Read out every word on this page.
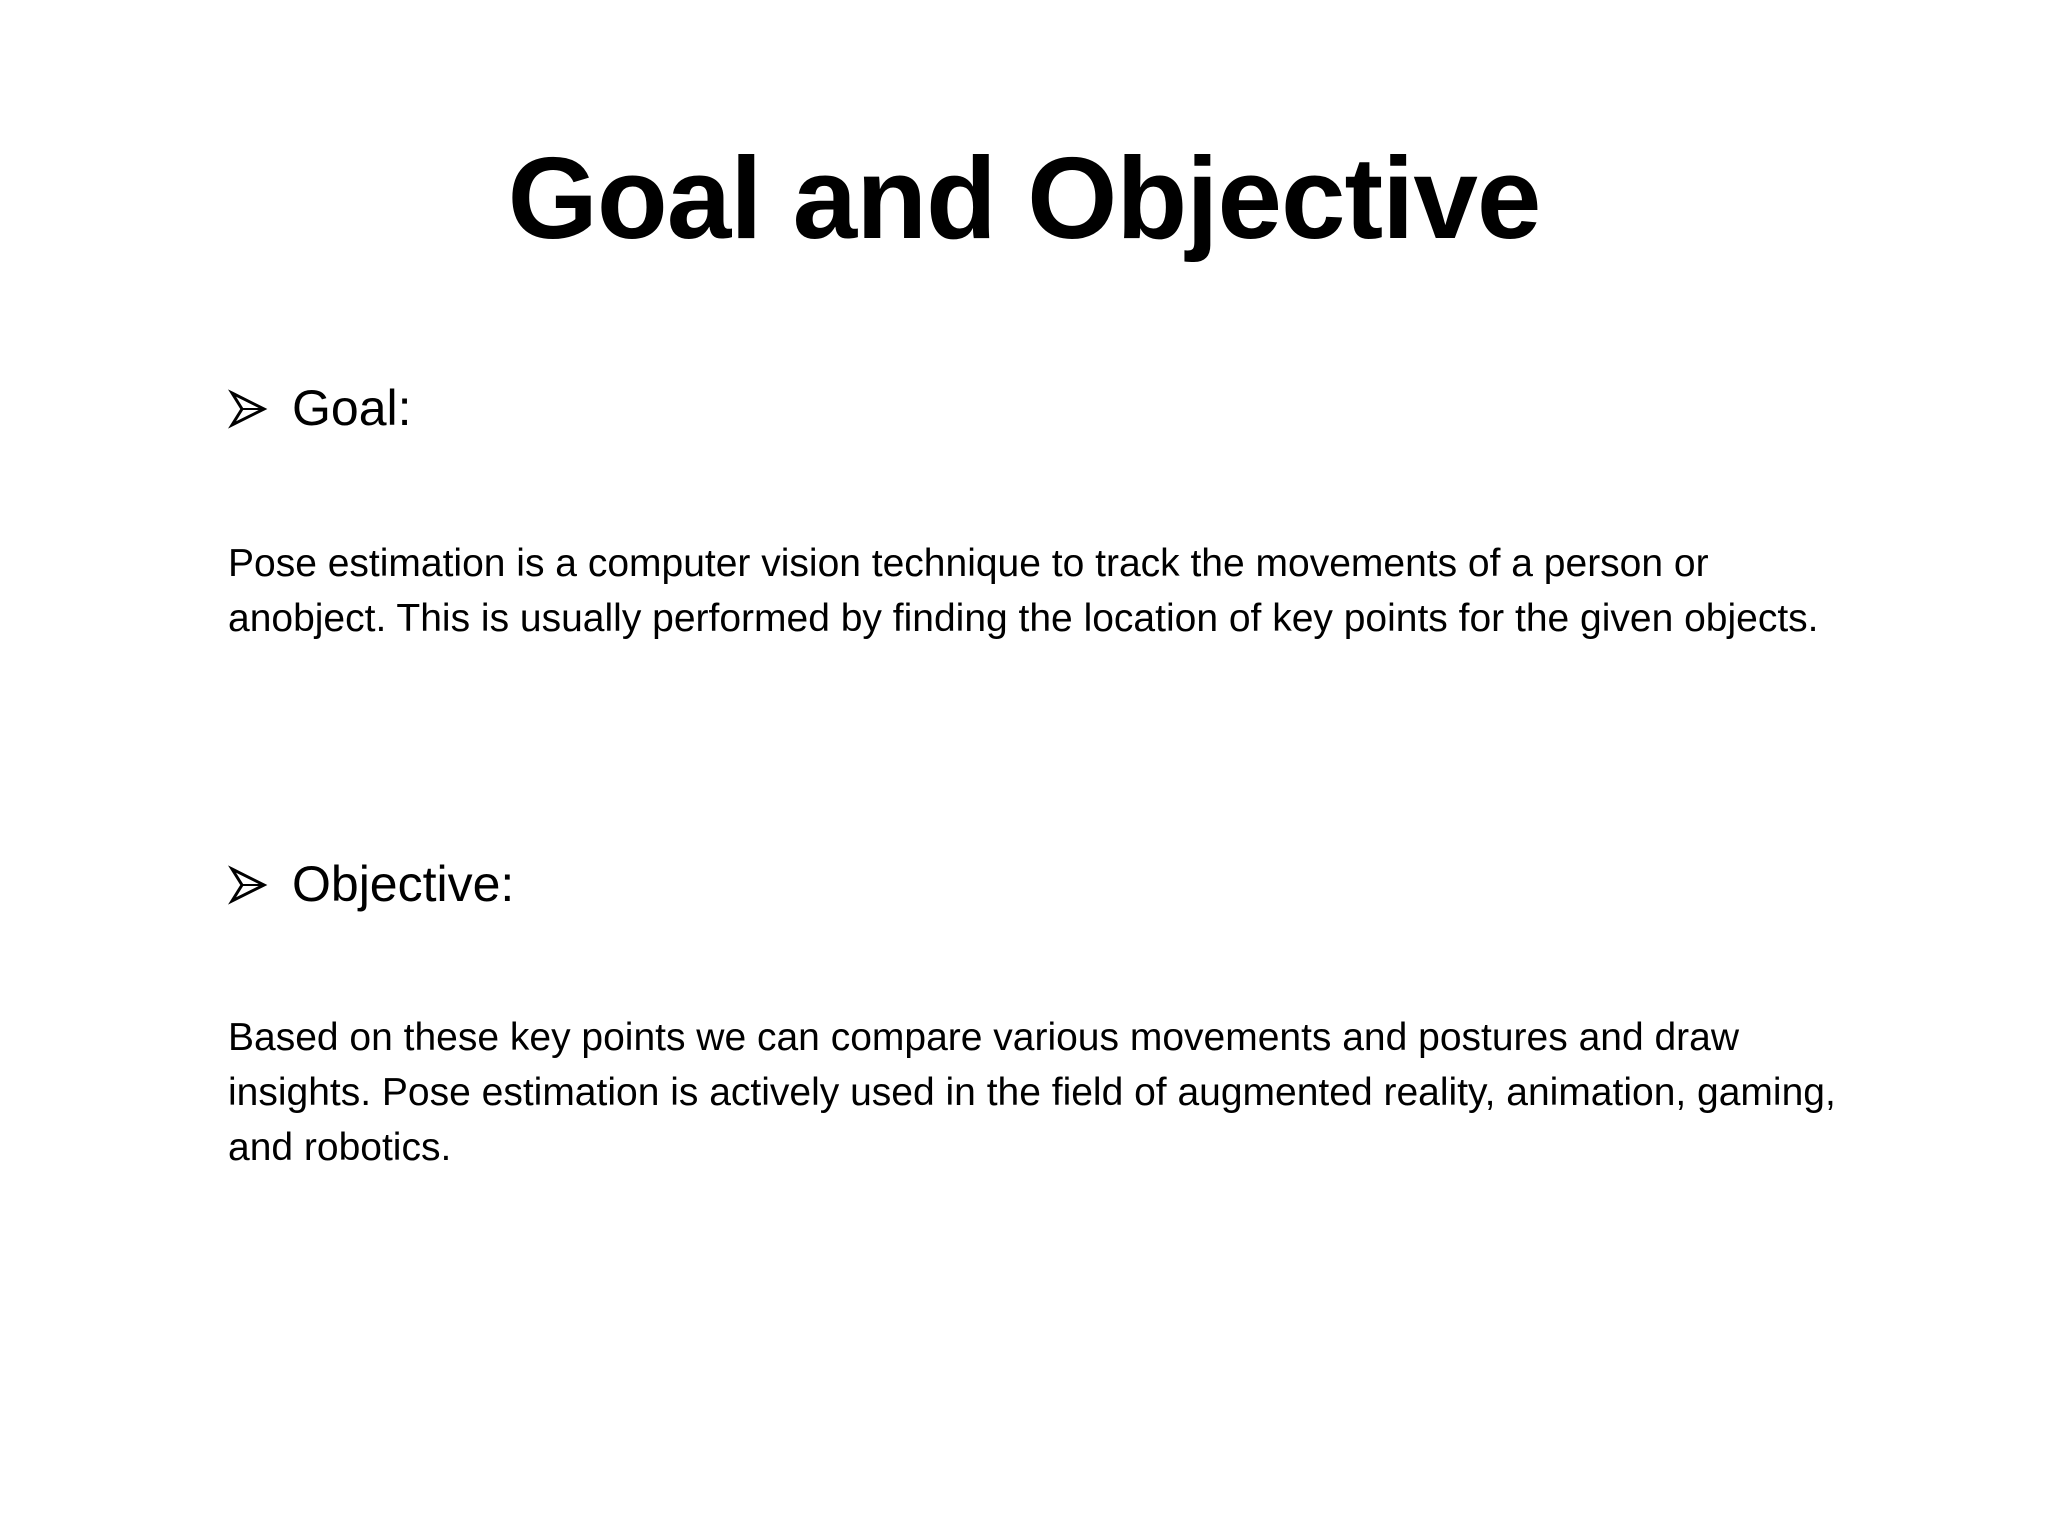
Goal and Objective
Goal:
Pose estimation is a computer vision technique to track the movements of a person or anobject. This is usually performed by finding the location of key points for the given objects.
Objective:
Based on these key points we can compare various movements and postures and draw insights. Pose estimation is actively used in the field of augmented reality, animation, gaming, and robotics.
